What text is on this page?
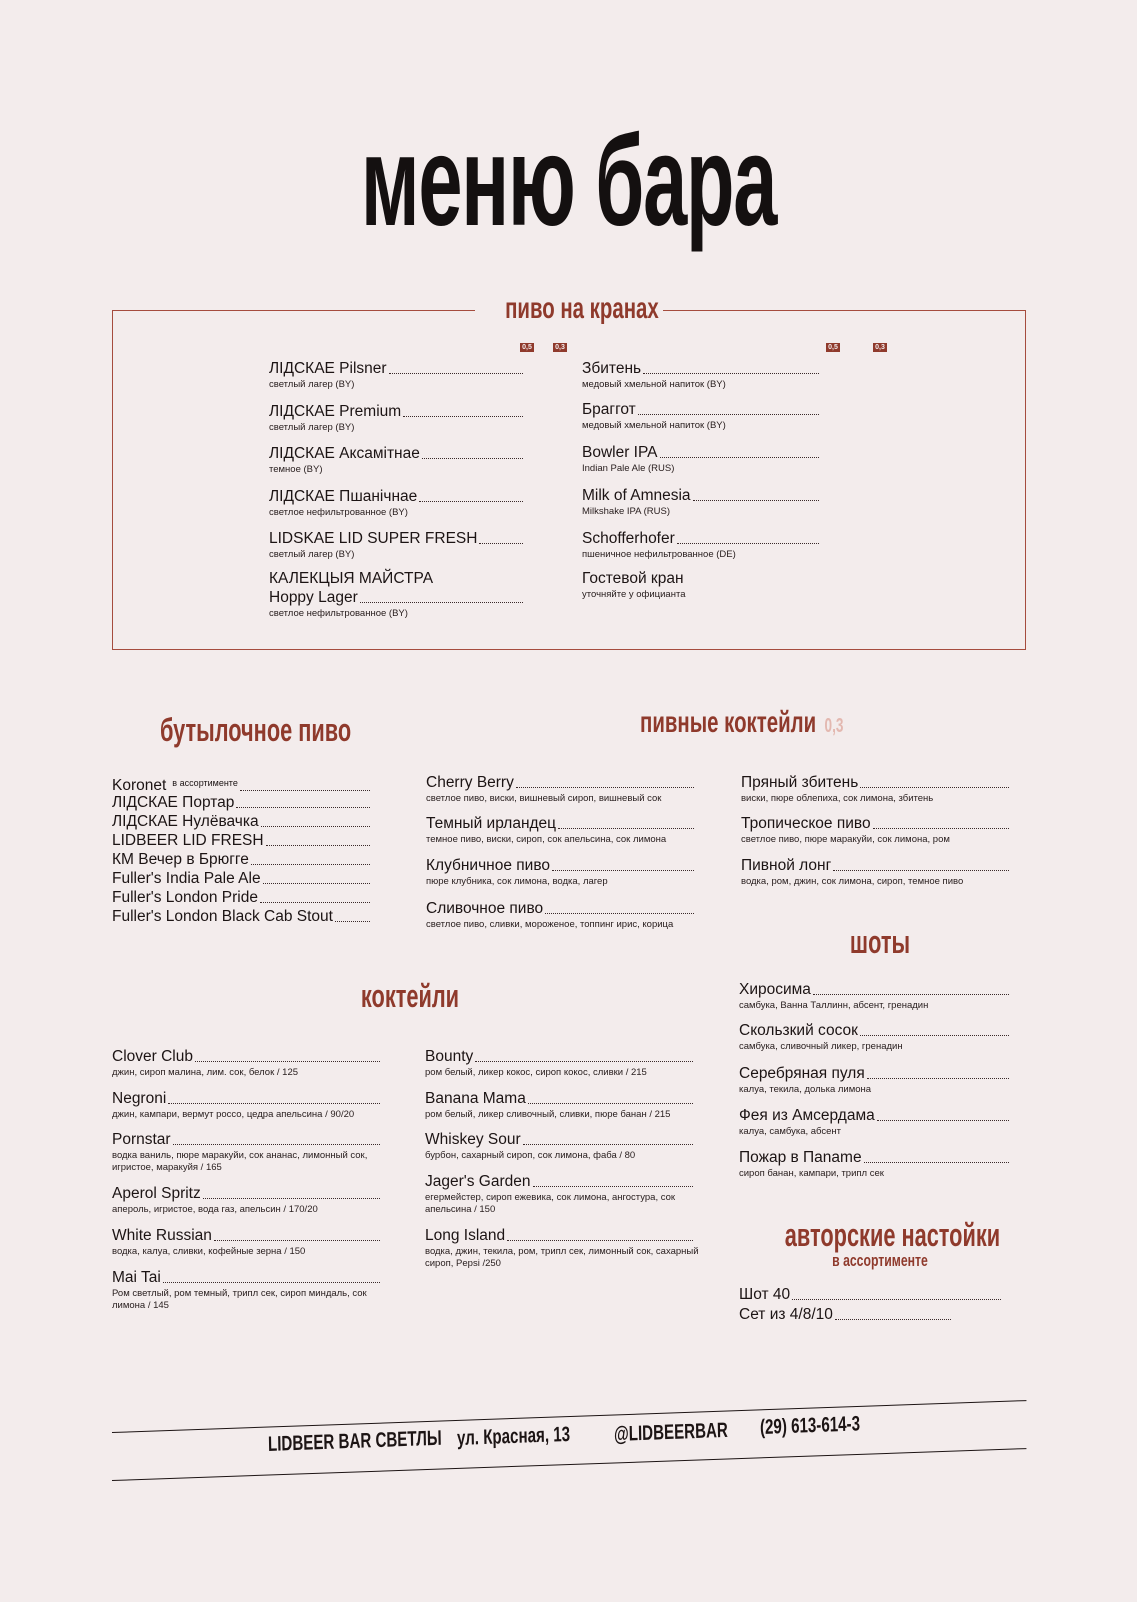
меню бара
пиво на кранах
0,5	0,3	0,5	0,3
ЛІДСКАЕ Pilsner
светлый лагер (BY)
ЛІДСКАЕ Premium
светлый лагер (BY)
ЛІДСКАЕ Аксамітнае
темное (BY)
ЛІДСКАЕ Пшанічнае
светлое нефильтрованное (BY)
LIDSKAE LID SUPER FRESH
светлый лагер (BY)
КАЛЕКЦЫЯ МАЙСТРА
Hoppy Lager
светлое нефильтрованное (BY)
Збитень
медовый хмельной напиток (BY)
Браггот
медовый хмельной напиток (BY)
Bowler IPA
Indian Pale Ale (RUS)
Milk of Amnesia
Milkshake IPA (RUS)
Schofferhofer
пшеничное нефильтрованное (DE)
Гостевой кран
уточняйте у официанта
бутылочное пиво
Koronet в ассортименте
ЛІДСКАЕ Портар
ЛІДСКАЕ Нулёвачка
LIDBEER LID FRESH
КМ Вечер в Брюгге
Fuller's India Pale Ale
Fuller's London Pride
Fuller's London Black Cab Stout
пивные коктейли 0,3
Cherry Berry
светлое пиво, виски, вишневый сироп, вишневый сок
Темный ирландец
темное пиво, виски, сироп, сок апельсина, сок лимона
Клубничное пиво
пюре клубника, сок лимона, водка, лагер
Сливочное пиво
светлое пиво, сливки, мороженое, топпинг ирис, корица
Пряный збитень
виски, пюре облепиха, сок лимона, збитень
Тропическое пиво
светлое пиво, пюре маракуйи, сок лимона, ром
Пивной лонг
водка, ром, джин, сок лимона, сироп, темное пиво
шоты
Хиросима
самбука, Ванна Таллинн, абсент, гренадин
Скользкий сосок
самбука, сливочный ликер, гренадин
Серебряная пуля
калуа, текила, долька лимона
Фея из Амсердама
калуа, самбука, абсент
Пожар в Паname
сироп банан, кампари, трипл сек
коктейли
Clover Club
джин, сироп малина, лим. сок, белок / 125
Negroni
джин, кампари, вермут россо, цедра апельсина / 90/20
Pornstar
водка ваниль, пюре маракуйи, сок ананас, лимонный сок, игристое, маракуйя / 165
Aperol Spritz
апероль, игристое, вода газ, апельсин / 170/20
White Russian
водка, калуа, сливки, кофейные зерна / 150
Mai Tai
Ром светлый, ром темный, трипл сек, сироп миндаль, сок лимона / 145
Bounty
ром белый, ликер кокос, сироп кокос, сливки / 215
Banana Mama
ром белый, ликер сливочный, сливки, пюре банан / 215
Whiskey Sour
бурбон, сахарный сироп, сок лимона, фаба / 80
Jager's Garden
егермейстер, сироп ежевика, сок лимона, ангостура, сок апельсина / 150
Long Island
водка, джин, текила, ром, трипл сек, лимонный сок, сахарный сироп, Pepsi /250
авторские настойки
в ассортименте
Шот 40
Сет из 4/8/10
LIDBEER BAR СВЕТЛЫ ул. Красная, 13 @LIDBEERBAR (29) 613-614-3
